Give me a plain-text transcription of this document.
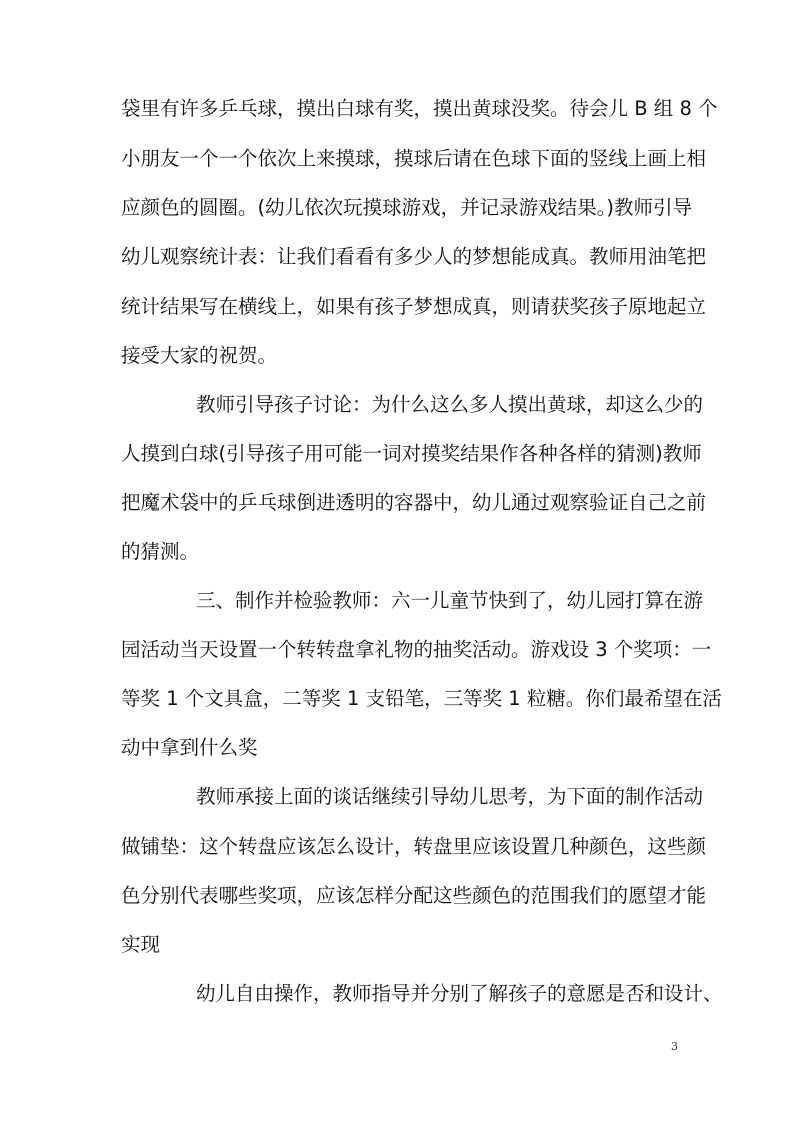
袋里有许多乒乓球，摸出白球有奖，摸出黄球没奖。待会儿 B 组 8 个
小朋友一个一个依次上来摸球，摸球后请在色球下面的竖线上画上相
应颜色的圆圈。(幼儿依次玩摸球游戏，并记录游戏结果。)教师引导
幼儿观察统计表：让我们看看有多少人的梦想能成真。教师用油笔把
统计结果写在横线上，如果有孩子梦想成真，则请获奖孩子原地起立
接受大家的祝贺。
教师引导孩子讨论：为什么这么多人摸出黄球，却这么少的
人摸到白球(引导孩子用可能一词对摸奖结果作各种各样的猜测)教师
把魔术袋中的乒乓球倒进透明的容器中，幼儿通过观察验证自己之前
的猜测。
三、制作并检验教师：六一儿童节快到了，幼儿园打算在游
园活动当天设置一个转转盘拿礼物的抽奖活动。游戏设 3 个奖项：一
等奖 1 个文具盒，二等奖 1 支铅笔，三等奖 1 粒糖。你们最希望在活
动中拿到什么奖
教师承接上面的谈话继续引导幼儿思考，为下面的制作活动
做铺垫：这个转盘应该怎么设计，转盘里应该设置几种颜色，这些颜
色分别代表哪些奖项，应该怎样分配这些颜色的范围我们的愿望才能
实现
幼儿自由操作，教师指导并分别了解孩子的意愿是否和设计、
3
